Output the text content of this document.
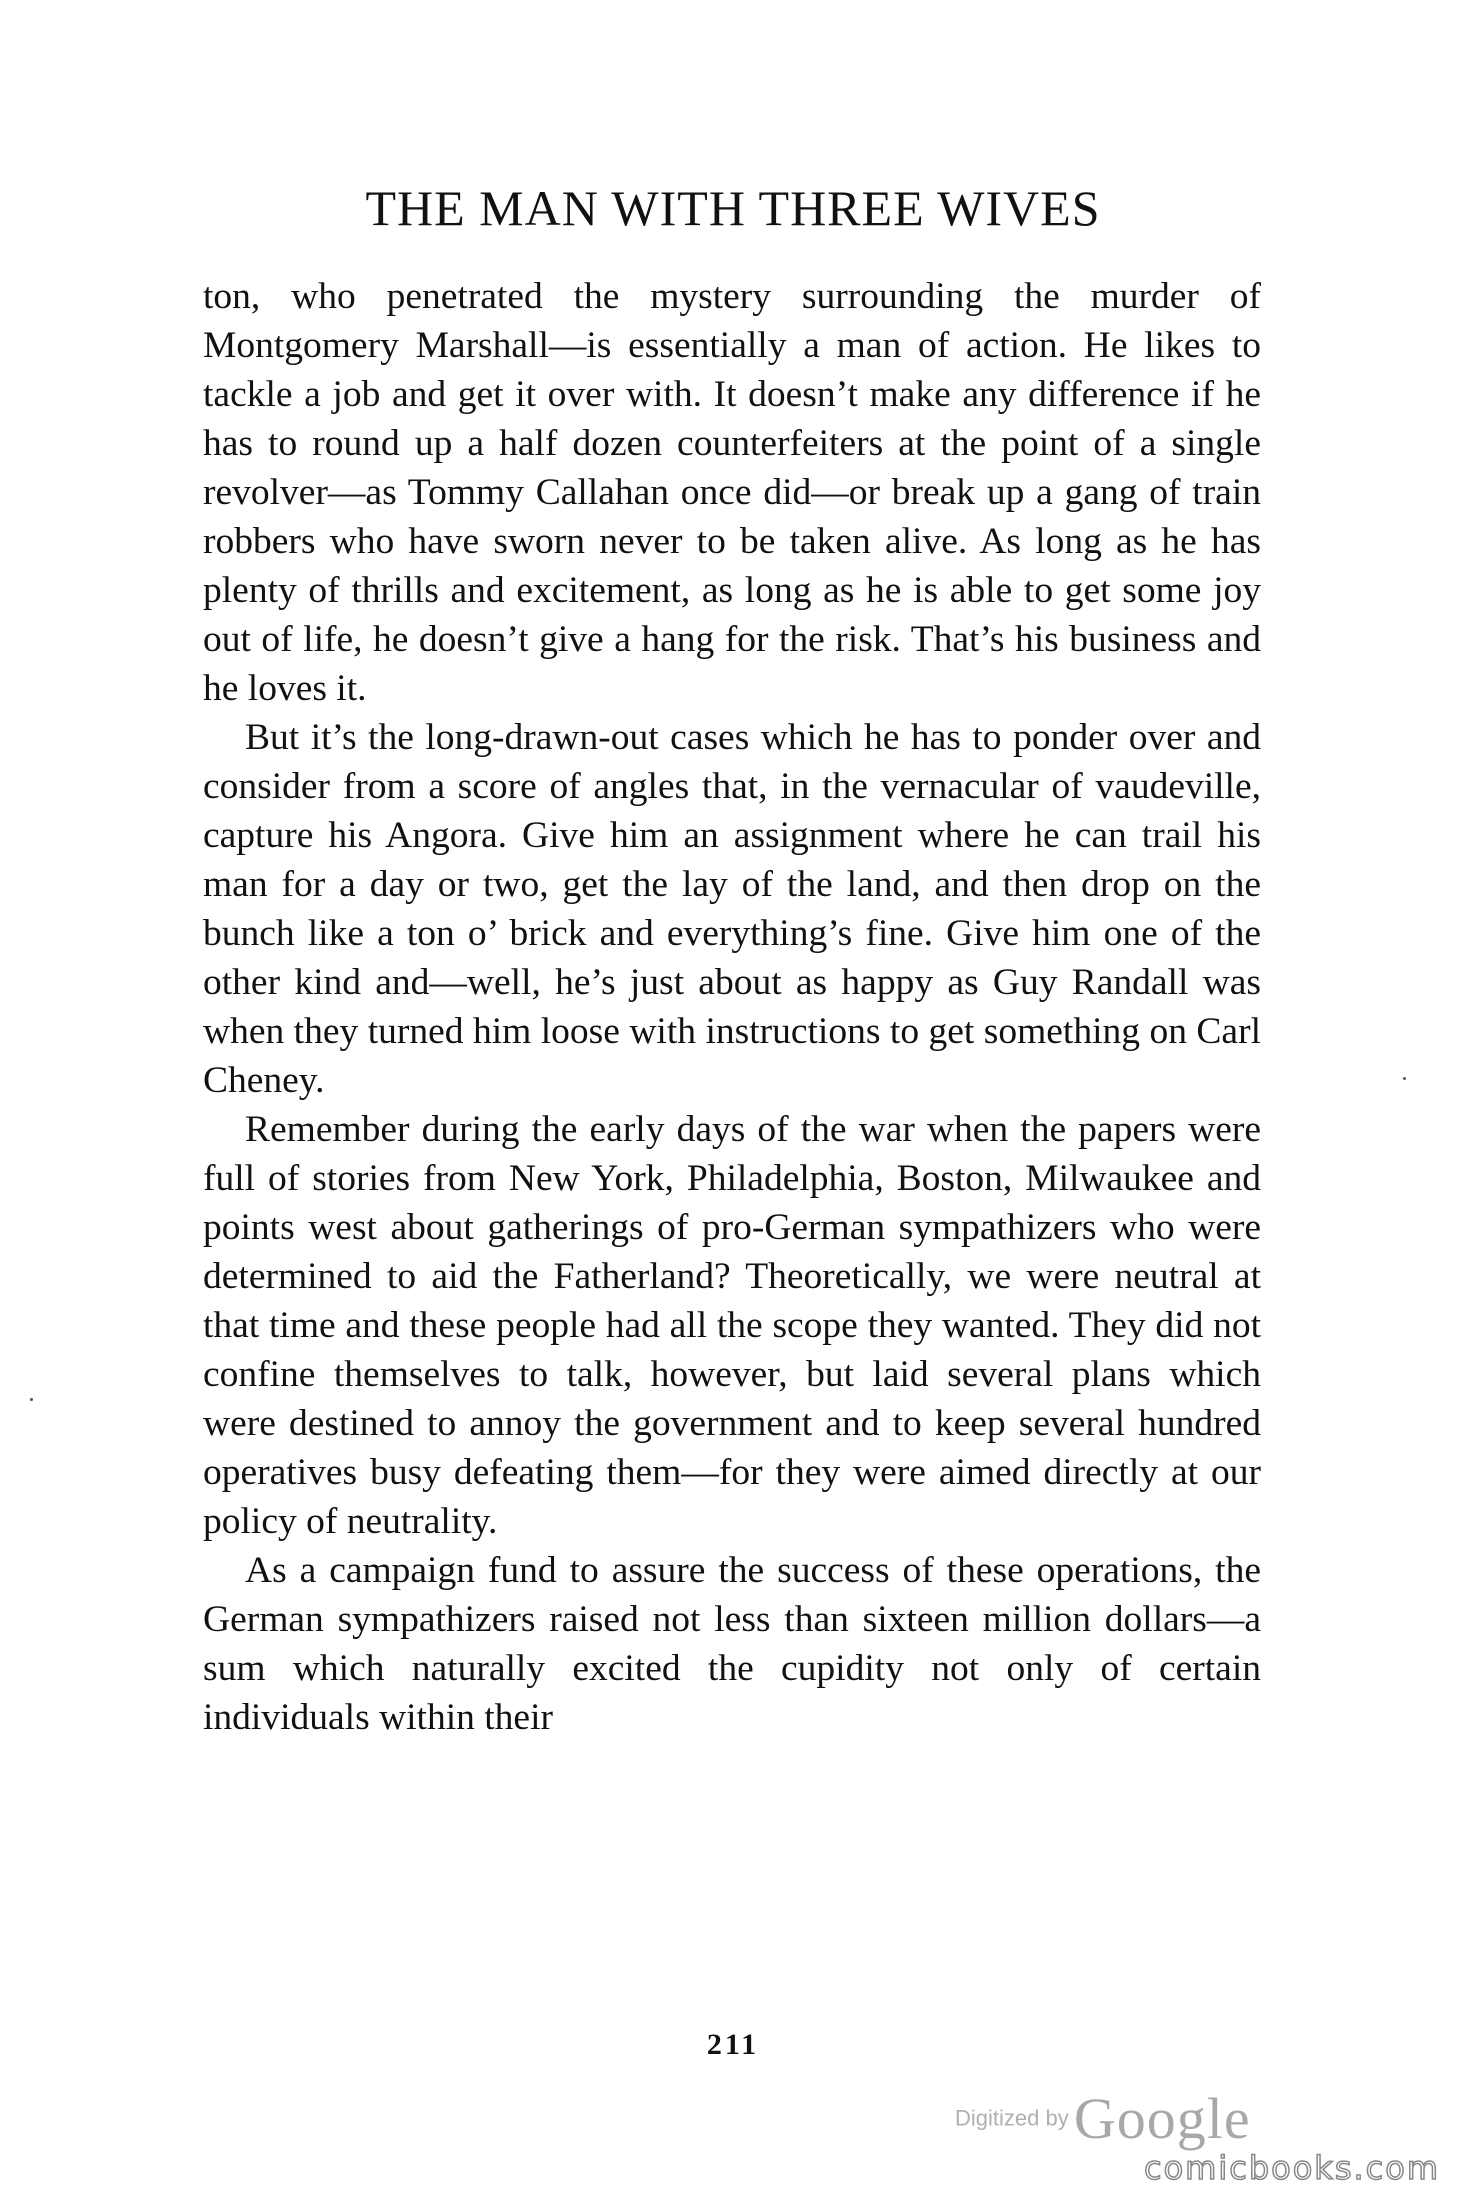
THE MAN WITH THREE WIVES

ton, who penetrated the mystery surrounding the murder of Montgomery Marshall—is essentially a man of action. He likes to tackle a job and get it over with. It doesn’t make any difference if he has to round up a half dozen counterfeiters at the point of a single revolver—as Tommy Callahan once did—or break up a gang of train robbers who have sworn never to be taken alive. As long as he has plenty of thrills and excitement, as long as he is able to get some joy out of life, he doesn’t give a hang for the risk. That’s his business and he loves it.

But it’s the long-drawn-out cases which he has to ponder over and consider from a score of angles that, in the vernacular of vaudeville, capture his Angora. Give him an assignment where he can trail his man for a day or two, get the lay of the land, and then drop on the bunch like a ton o’ brick and everything’s fine. Give him one of the other kind and—well, he’s just about as happy as Guy Randall was when they turned him loose with instructions to get something on Carl Cheney.

Remember during the early days of the war when the papers were full of stories from New York, Philadelphia, Boston, Milwaukee and points west about gatherings of pro-German sympathizers who were determined to aid the Fatherland? Theoretically, we were neutral at that time and these people had all the scope they wanted. They did not confine themselves to talk, however, but laid several plans which were destined to annoy the government and to keep several hundred operatives busy defeating them—for they were aimed directly at our policy of neutrality.

As a campaign fund to assure the success of these operations, the German sympathizers raised not less than sixteen million dollars—a sum which naturally excited the cupidity not only of certain individuals within their

211
Digitized by Google
comicbooks.com
